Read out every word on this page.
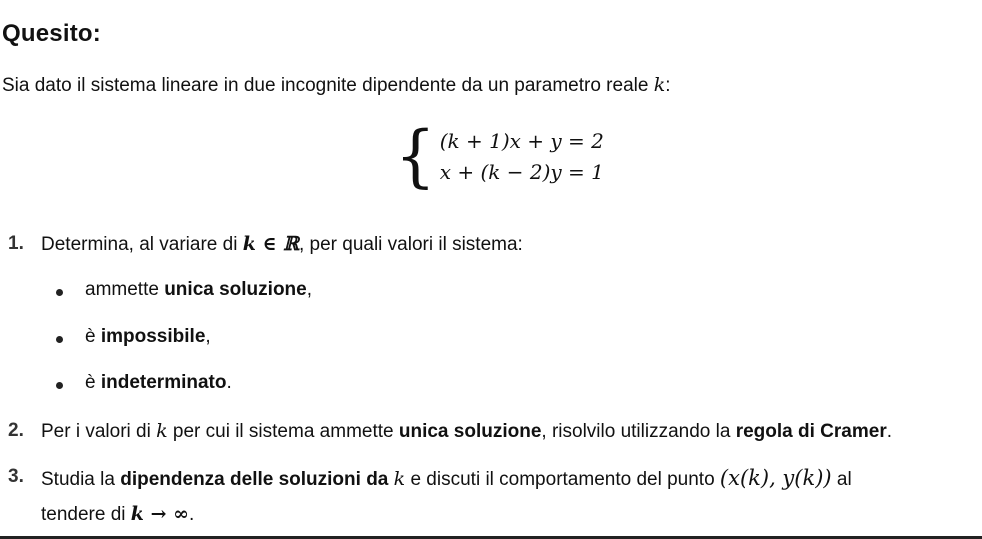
Quesito:
Sia dato il sistema lineare in due incognite dipendente da un parametro reale k:
{ (k + 1)x + y = 2
x + (k − 2)y = 1
1. Determina, al variare di k ∈ ℝ, per quali valori il sistema:
ammette unica soluzione,
è impossibile,
è indeterminato.
2. Per i valori di k per cui il sistema ammette unica soluzione, risolvilo utilizzando la regola di Cramer.
3. Studia la dipendenza delle soluzioni da k e discuti il comportamento del punto (x(k), y(k)) al
tendere di k → ∞.
